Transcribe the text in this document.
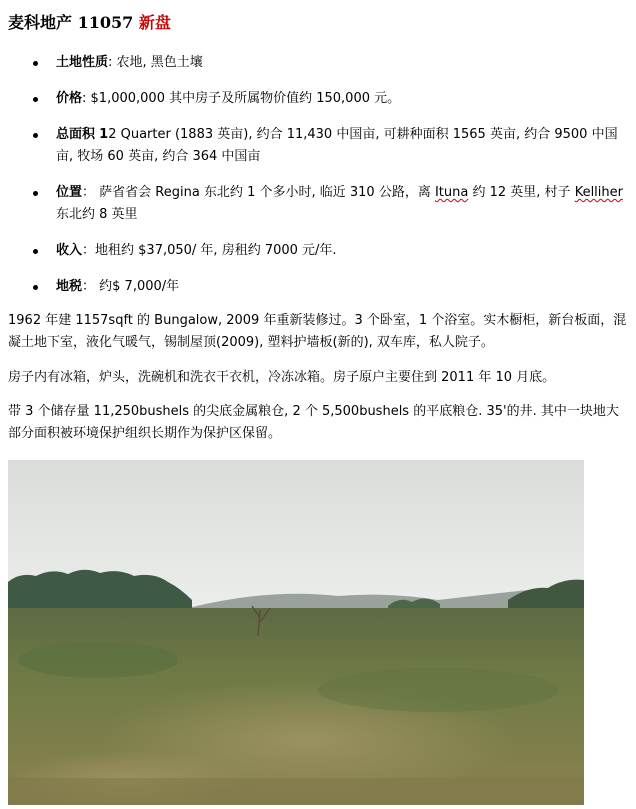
麦科地产 11057 新盘
土地性质: 农地, 黑色土壤
价格: $1,000,000 其中房子及所属物价值约 150,000 元。
总面积 12 Quarter (1883 英亩), 约合 11,430 中国亩, 可耕种面积 1565 英亩, 约合 9500 中国亩, 牧场 60 英亩, 约合 364 中国亩
位置： 萨省省会 Regina 东北约 1 个多小时, 临近 310 公路，离 Ituna 约 12 英里, 村子 Kelliher 东北约 8 英里
收入：地租约 $37,050/ 年, 房租约 7000 元/年.
地税： 约$ 7,000/年

1962 年建 1157sqft 的 Bungalow, 2009 年重新装修过。3 个卧室，1 个浴室。实木橱柜，新台板面，混凝土地下室，液化气暖气，锡制屋顶(2009), 塑料护墙板(新的), 双车库，私人院子。

房子内有冰箱，炉头，洗碗机和洗衣干衣机，冷冻冰箱。房子原户主要住到 2011 年 10 月底。

带 3 个储存量 11,250bushels 的尖底金属粮仓, 2 个 5,500bushels 的平底粮仓. 35'的井. 其中一块地大部分面积被环境保护组织长期作为保护区保留。
